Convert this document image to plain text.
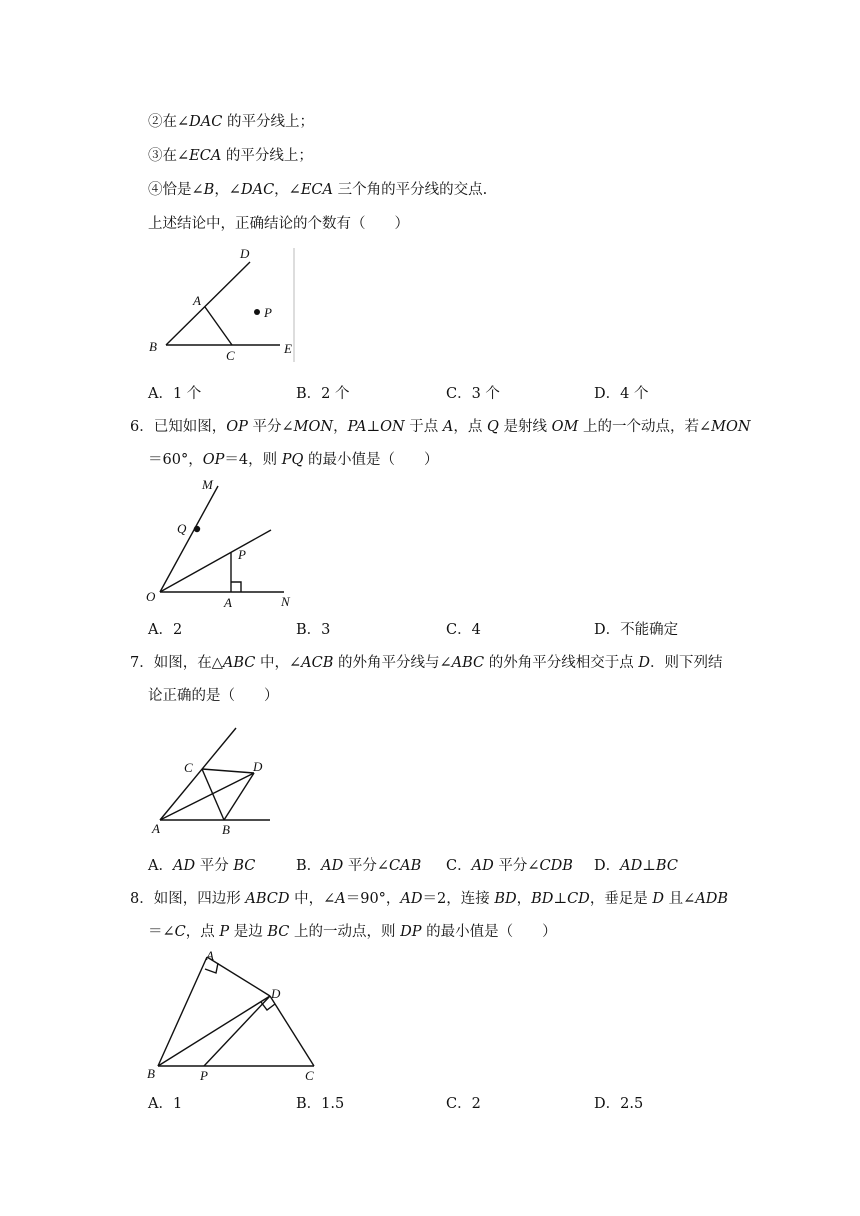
②在∠DAC 的平分线上；
③在∠ECA 的平分线上；
④恰是∠B，∠DAC，∠ECA 三个角的平分线的交点.
上述结论中，正确结论的个数有（　　）
D
A
P
B
C	E
A．1 个	B．2 个	C．3 个	D．4 个
6．已知如图，OP 平分∠MON，PA⊥ON 于点 A，点 Q 是射线 OM 上的一个动点，若∠MON
＝60°，OP＝4，则 PQ 的最小值是（　　）
M
Q
P
O	A	N
A．2	B．3	C．4	D．不能确定
7．如图，在△ABC 中，∠ACB 的外角平分线与∠ABC 的外角平分线相交于点 D．则下列结
论正确的是（　　）
C	D
A	B
A．AD 平分 BC	B．AD 平分∠CAB C．AD 平分∠CDB D．AD⊥BC
8．如图，四边形 ABCD 中，∠A＝90°，AD＝2，连接 BD，BD⊥CD，垂足是 D 且∠ADB
＝∠C，点 P 是边 BC 上的一动点，则 DP 的最小值是（　　）
A
D
B	P	C
A．1	B．1.5	C．2	D．2.5
